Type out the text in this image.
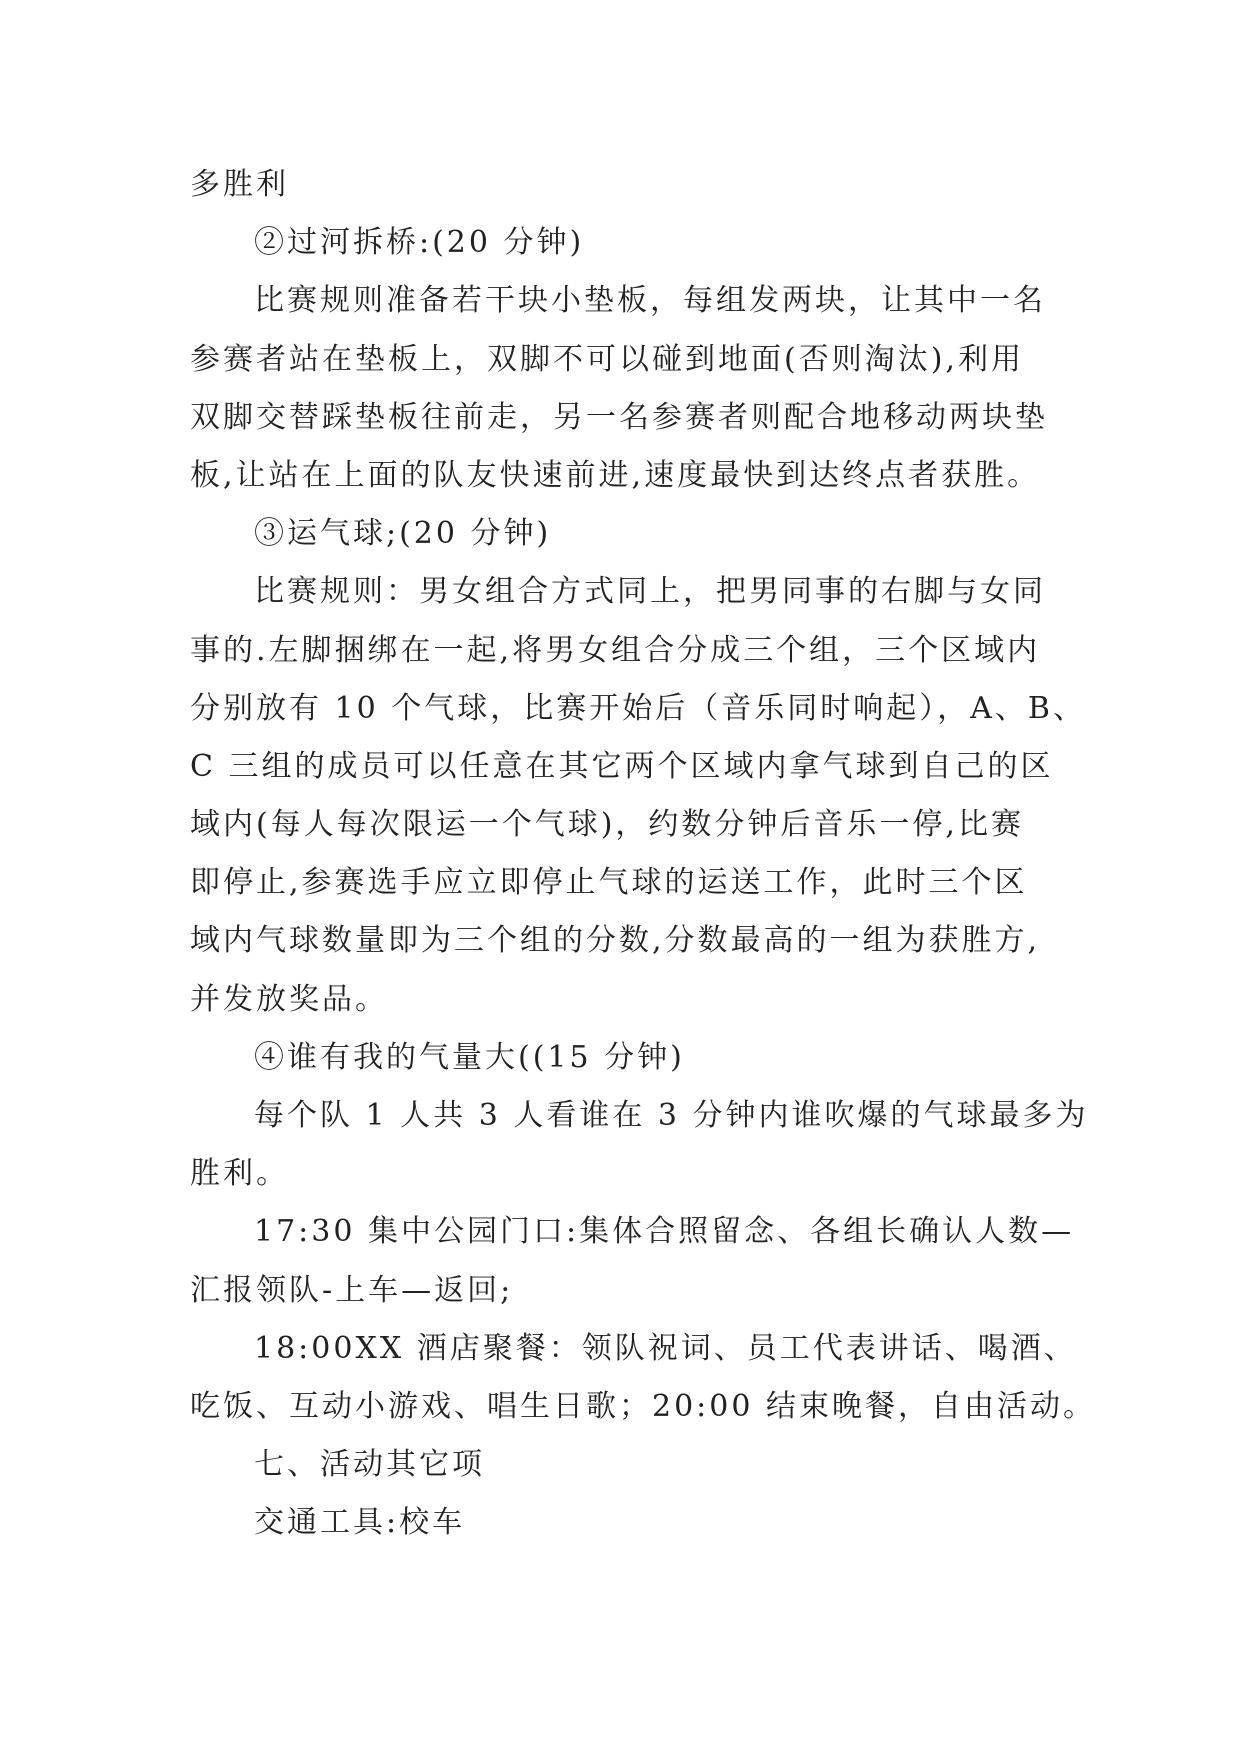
多胜利
②过河拆桥:(20 分钟)
比赛规则准备若干块小垫板，每组发两块，让其中一名
参赛者站在垫板上，双脚不可以碰到地面(否则淘汰),利用
双脚交替踩垫板往前走，另一名参赛者则配合地移动两块垫
板,让站在上面的队友快速前进,速度最快到达终点者获胜。
③运气球;(20 分钟)
比赛规则：男女组合方式同上，把男同事的右脚与女同
事的.左脚捆绑在一起,将男女组合分成三个组，三个区域内
分别放有 10 个气球，比赛开始后（音乐同时响起），A、B、
C 三组的成员可以任意在其它两个区域内拿气球到自己的区
域内(每人每次限运一个气球)，约数分钟后音乐一停,比赛
即停止,参赛选手应立即停止气球的运送工作，此时三个区
域内气球数量即为三个组的分数,分数最高的一组为获胜方,
并发放奖品。
④谁有我的气量大((15 分钟)
每个队 1 人共 3 人看谁在 3 分钟内谁吹爆的气球最多为
胜利。
17:30 集中公园门口:集体合照留念、各组长确认人数—
汇报领队-上车—返回;
18:00XX 酒店聚餐：领队祝词、员工代表讲话、喝酒、
吃饭、互动小游戏、唱生日歌；20:00 结束晚餐，自由活动。
七、活动其它项
交通工具:校车
